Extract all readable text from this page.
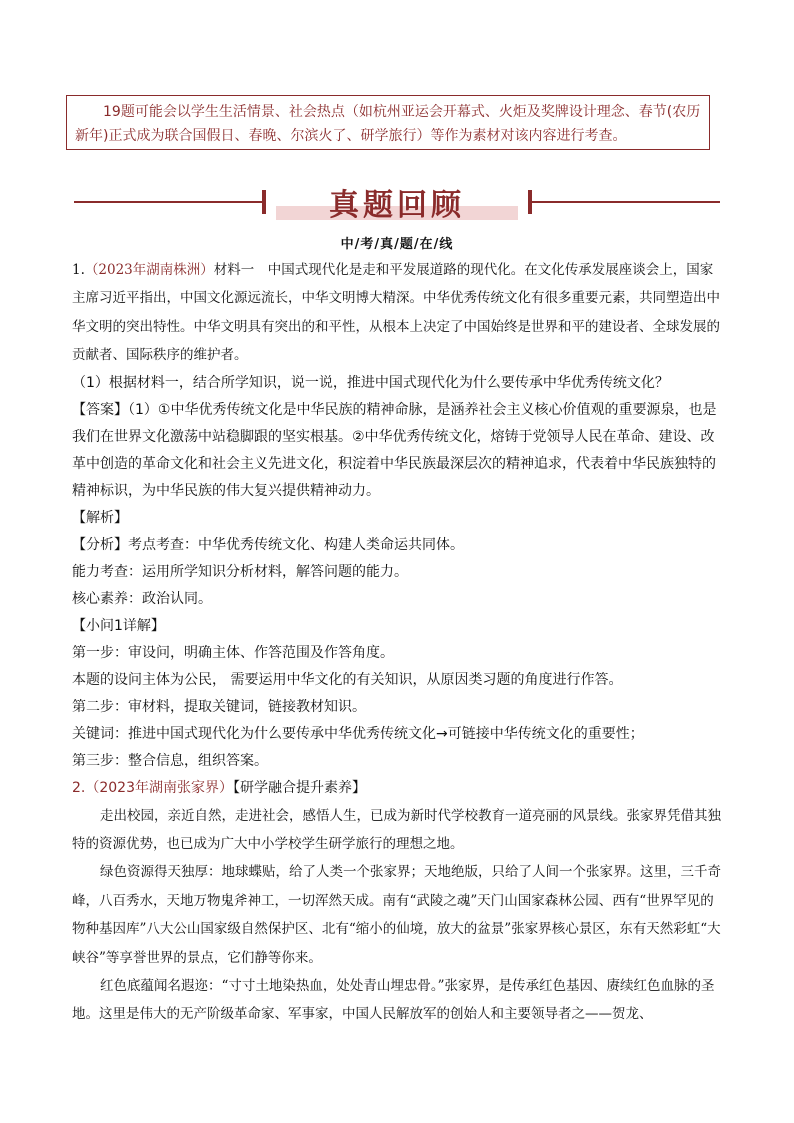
19题可能会以学生生活情景、社会热点（如杭州亚运会开幕式、火炬及奖牌设计理念、春节(农历新年)正式成为联合国假日、春晚、尔滨火了、研学旅行）等作为素材对该内容进行考查。
真题回顾
中/考/真/题/在/线

1.（2023年湖南株洲）材料一　中国式现代化是走和平发展道路的现代化。在文化传承发展座谈会上，国家主席习近平指出，中国文化源远流长，中华文明博大精深。中华优秀传统文化有很多重要元素，共同塑造出中华文明的突出特性。中华文明具有突出的和平性，从根本上决定了中国始终是世界和平的建设者、全球发展的贡献者、国际秩序的维护者。

（1）根据材料一，结合所学知识，说一说，推进中国式现代化为什么要传承中华优秀传统文化？

【答案】（1）①中华优秀传统文化是中华民族的精神命脉，是涵养社会主义核心价值观的重要源泉，也是我们在世界文化激荡中站稳脚跟的坚实根基。②中华优秀传统文化，熔铸于党领导人民在革命、建设、改革中创造的革命文化和社会主义先进文化，积淀着中华民族最深层次的精神追求，代表着中华民族独特的精神标识，为中华民族的伟大复兴提供精神动力。

【解析】

【分析】考点考查：中华优秀传统文化、构建人类命运共同体。

能力考查：运用所学知识分析材料，解答问题的能力。

核心素养：政治认同。

【小问1详解】

第一步：审设问，明确主体、作答范围及作答角度。

本题的设问主体为公民， 需要运用中华文化的有关知识，从原因类习题的角度进行作答。

第二步：审材料，提取关键词，链接教材知识。

关键词：推进中国式现代化为什么要传承中华优秀传统文化→可链接中华传统文化的重要性；

第三步：整合信息，组织答案。

2.（2023年湖南张家界）【研学融合提升素养】

走出校园，亲近自然，走进社会，感悟人生，已成为新时代学校教育一道亮丽的风景线。张家界凭借其独特的资源优势，也已成为广大中小学校学生研学旅行的理想之地。

绿色资源得天独厚：地球蝶贴，给了人类一个张家界；天地绝版，只给了人间一个张家界。这里，三千奇峰，八百秀水，天地万物鬼斧神工，一切浑然天成。南有“武陵之魂”天门山国家森林公园、西有“世界罕见的物种基因库”八大公山国家级自然保护区、北有“缩小的仙境，放大的盆景”张家界核心景区，东有天然彩虹“大峡谷”等享誉世界的景点，它们静等你来。

红色底蕴闻名遐迩：“寸寸土地染热血，处处青山埋忠骨。”张家界，是传承红色基因、赓续红色血脉的圣地。这里是伟大的无产阶级革命家、军事家，中国人民解放军的创始人和主要领导者之——贺龙、
